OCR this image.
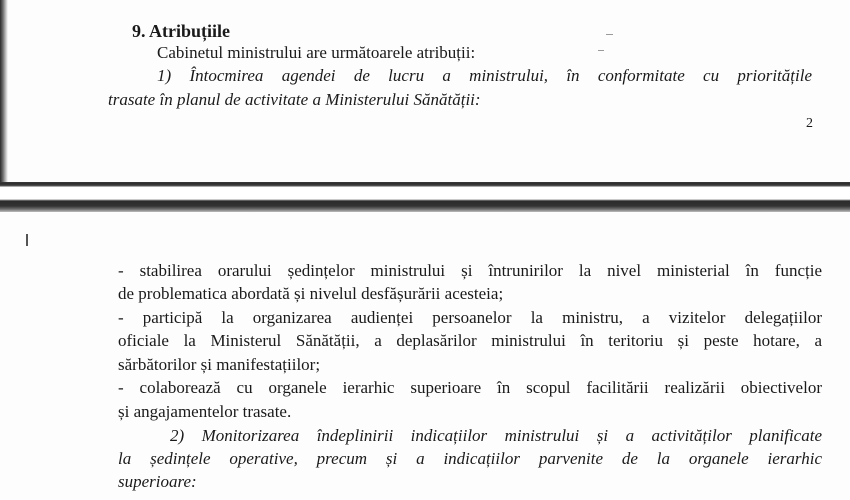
9. Atribuțiile
Cabinetul ministrului are următoarele atribuții:
1) Întocmirea agendei de lucru a ministrului, în conformitate cu prioritățile
trasate în planul de activitate a Ministerului Sănătății:
2
- stabilirea orarului ședințelor ministrului și întrunirilor la nivel ministerial în funcție
de problematica abordată și nivelul desfășurării acesteia;
- participă la organizarea audienței persoanelor la ministru, a vizitelor delegațiilor
oficiale la Ministerul Sănătății, a deplasărilor ministrului în teritoriu și peste hotare, a
sărbătorilor și manifestațiilor;
- colaborează cu organele ierarhic superioare în scopul facilitării realizării obiectivelor
și angajamentelor trasate.
2) Monitorizarea îndeplinirii indicațiilor ministrului și a activităților planificate
la ședințele operative, precum și a indicațiilor parvenite de la organele ierarhic
superioare:
